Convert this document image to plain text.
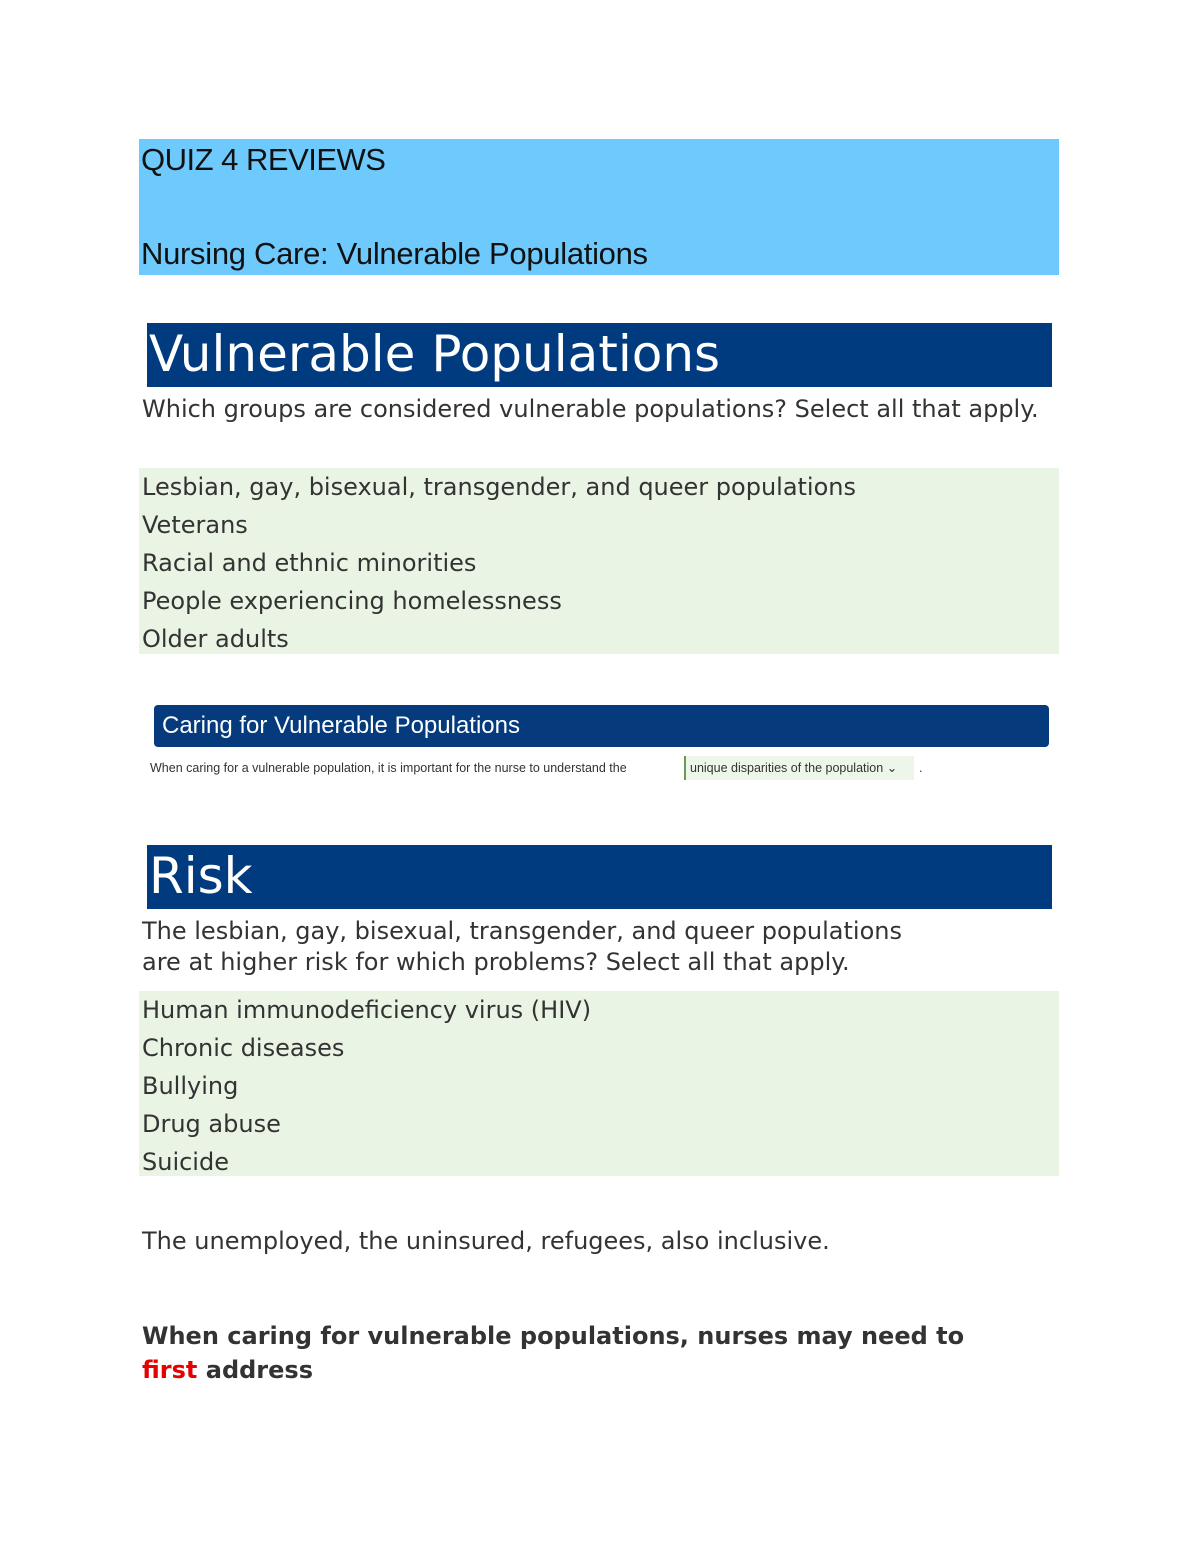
QUIZ 4 REVIEWS
Nursing Care: Vulnerable Populations
Vulnerable Populations
Which groups are considered vulnerable populations? Select all that apply.
Lesbian, gay, bisexual, transgender, and queer populations
Veterans
Racial and ethnic minorities
People experiencing homelessness
Older adults
Caring for Vulnerable Populations
When caring for a vulnerable population, it is important for the nurse to understand the	unique disparities of the population ⌄	.
Risk
The lesbian, gay, bisexual, transgender, and queer populations
are at higher risk for which problems? Select all that apply.
Human immunodeficiency virus (HIV)
Chronic diseases
Bullying
Drug abuse
Suicide
The unemployed, the uninsured, refugees, also inclusive.
When caring for vulnerable populations, nurses may need to
first address
